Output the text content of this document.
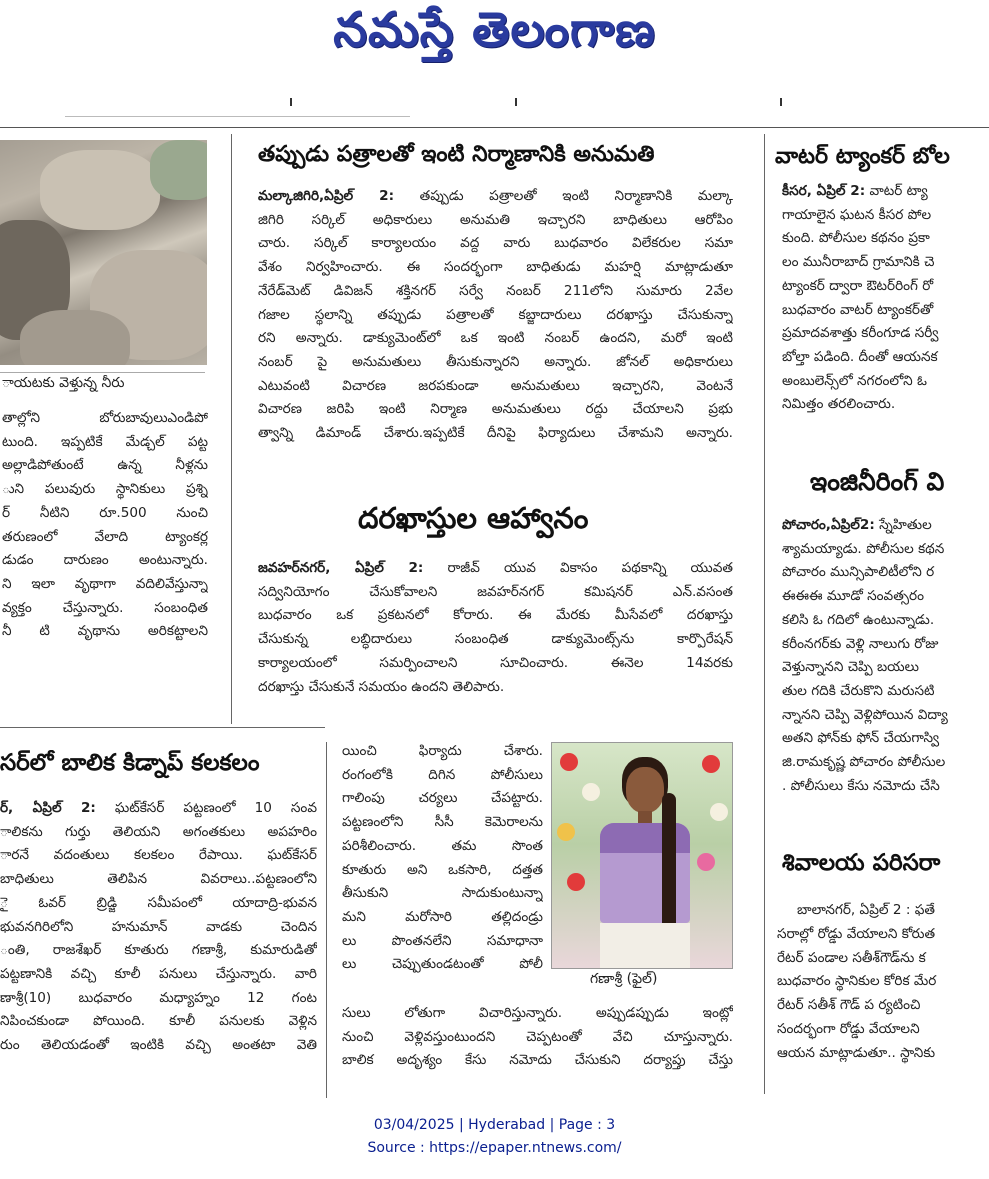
నమస్తే తెలంగాణ
ాయటకు వెళ్తున్న నీరు

తాల్లోని బోరుబావులుఎండిపో

టుంది. ఇప్పటికే మేడ్చల్ పట్ట

అల్లాడిపోతుంటే ఉన్న నీళ్లను

ుని పలువురు స్థానికులు ప్రశ్ని

ర్ నీటిని రూ.500 నుంచి

తరుణంలో వేలాది ట్యాంకర్ల

డుడం దారుణం అంటున్నారు.

ని ఇలా వృథాగా వదిలివేస్తున్నా

వ్యక్తం చేస్తున్నారు. సంబంధిత

నీ టి వృథాను అరికట్టాలని

తప్పుడు పత్రాలతో ఇంటి నిర్మాణానికి అనుమతి

మల్కాజిగిరి,ఏప్రిల్ 2: తప్పుడు పత్రాలతో ఇంటి నిర్మాణానికి మల్కా

జిగిరి సర్కిల్ అధికారులు అనుమతి ఇచ్చారని బాధితులు ఆరోపిం

చారు. సర్కిల్ కార్యాలయం వద్ద వారు బుధవారం విలేకరుల సమా

వేశం నిర్వహించారు. ఈ సందర్భంగా బాధితుడు మహర్షి మాట్లాడుతూ

నేరేడ్‌మెట్ డివిజన్ శక్తినగర్ సర్వే నంబర్ 211లోని సుమారు 2వేల

గజాల స్థలాన్ని తప్పుడు పత్రాలతో కబ్జాదారులు దరఖాస్తు చేసుకున్నా

రని అన్నారు. డాక్యుమెంట్‌లో ఒక ఇంటి నంబర్ ఉందని, మరో ఇంటి

నంబర్ పై అనుమతులు తీసుకున్నారని అన్నారు. జోనల్ అధికారులు

ఎటువంటి విచారణ జరపకుండా అనుమతులు ఇచ్చారని, వెంటనే

విచారణ జరిపి ఇంటి నిర్మాణ అనుమతులు రద్దు చేయాలని ప్రభు

త్వాన్ని డిమాండ్ చేశారు.ఇప్పటికే దీనిపై ఫిర్యాదులు చేశామని అన్నారు.

దరఖాస్తుల ఆహ్వానం

జవహర్‌నగర్, ఏప్రిల్ 2: రాజీవ్ యువ వికాసం పథకాన్ని యువత

సద్వినియోగం చేసుకోవాలని జవహర్‌నగర్ కమిషనర్ ఎన్.వసంత

బుధవారం ఒక ప్రకటనలో కోరారు. ఈ మేరకు మీసేవలో దరఖాస్తు

చేసుకున్న లబ్ధిదారులు సంబంధిత డాక్యుమెంట్స్‌ను కార్పొరేషన్

కార్యాలయంలో సమర్పించాలని సూచించారు. ఈనెల 14వరకు

దరఖాస్తు చేసుకునే సమయం ఉందని తెలిపారు.

సర్‌లో బాలిక కిడ్నాప్ కలకలం

ర్, ఏప్రిల్ 2: ఘట్‌కేసర్ పట్టణంలో 10 సంవ

ాలికను గుర్తు తెలియని అగంతకులు అపహరిం

ారనే వదంతులు కలకలం రేపాయి. ఘట్‌కేసర్

బాధితులు తెలిపిన వివరాలు..పట్టణంలోని

ై ఓవర్ బ్రిడ్జి సమీపంలో యాదాద్రి-భువన

భువనగిరిలోని హనుమాన్ వాడకు చెందిన

ంతి, రాజశేఖర్ కూతురు గణాశ్రీ, కుమారుడితో

పట్టణానికి వచ్చి కూలీ పనులు చేస్తున్నారు. వారి

ణాశ్రీ(10) బుధవారం మధ్యాహ్నం 12 గంట

నిపించకుండా పోయింది. కూలీ పనులకు వెళ్లిన

రుం తెలియడంతో ఇంటికి వచ్చి అంతటా వెతి

యించి ఫిర్యాదు చేశారు.

రంగంలోకి దిగిన పోలీసులు

గాలింపు చర్యలు చేపట్టారు.

పట్టణంలోని సీసీ కెమెరాలను

పరిశీలించారు. తమ సొంత

కూతురు అని ఒకసారి, దత్తత

తీసుకుని సాదుకుంటున్నా

మని మరోసారి తల్లిదండ్రు

లు పొంతనలేని సమాధానా

లు చెప్పుతుండటంతో పోలీ

గణాశ్రీ (ఫైల్)

సులు లోతుగా విచారిస్తున్నారు. అప్పుడప్పుడు ఇంట్లో

నుంచి వెళ్లివస్తుంటుందని చెప్పటంతో వేచి చూస్తున్నారు.

బాలిక అదృశ్యం కేసు నమోదు చేసుకుని దర్యాప్తు చేస్తు

వాటర్ ట్యాంకర్ బోల

కీసర, ఏప్రిల్ 2: వాటర్ ట్యా

గాయాలైన ఘటన కీసర పోల

కుంది. పోలీసుల కథనం ప్రకా

లం మునీరాబాద్ గ్రామానికి చె

ట్యాంకర్ ద్వారా ఔటర్‌రింగ్ రో

బుధవారం వాటర్ ట్యాంకర్‌తో

ప్రమాదవశాత్తు కరీంగూడ సర్వీ

బోల్తా పడింది. దీంతో ఆయనక

అంబులెన్స్‌లో నగరంలోని ఓ

నిమిత్తం తరలించారు.

ఇంజినీరింగ్ వి

పోచారం,ఏప్రిల్2: స్నేహితుల

శ్యామయ్యాడు. పోలీసుల కథన

పోచారం మున్సిపాలిటీలోని ర

ఈఈఈ మూడో సంవత్సరం

కలిసి ఓ గదిలో ఉంటున్నాడు.

కరీంనగర్‌కు వెళ్లి నాలుగు రోజు

వెళ్తున్నానని చెప్పి బయలు

తుల గదికి చేరుకొని మరుసటి

న్నానని చెప్పి వెళ్లిపోయిన విద్యా

అతని ఫోన్‌కు ఫోన్ చేయగాస్వి

జి.రామకృష్ణ పోచారం పోలీసుల

. పోలీసులు కేసు నమోదు చేసి

శివాలయ పరిసరా

బాలానగర్, ఏప్రిల్ 2 : ఫతే

సరాల్లో రోడ్డు వేయాలని కోరుత

రేటర్ పండాల సతీశ్‌గౌడ్‌ను క

బుధవారం స్థానికుల కోరిక మేర

రేటర్ సతీశ్ గౌడ్ ప ర్యటించి

సందర్భంగా రోడ్డు వేయాలని

ఆయన మాట్లాడుతూ.. స్థానికు

03/04/2025 | Hyderabad | Page : 3
Source : https://epaper.ntnews.com/
